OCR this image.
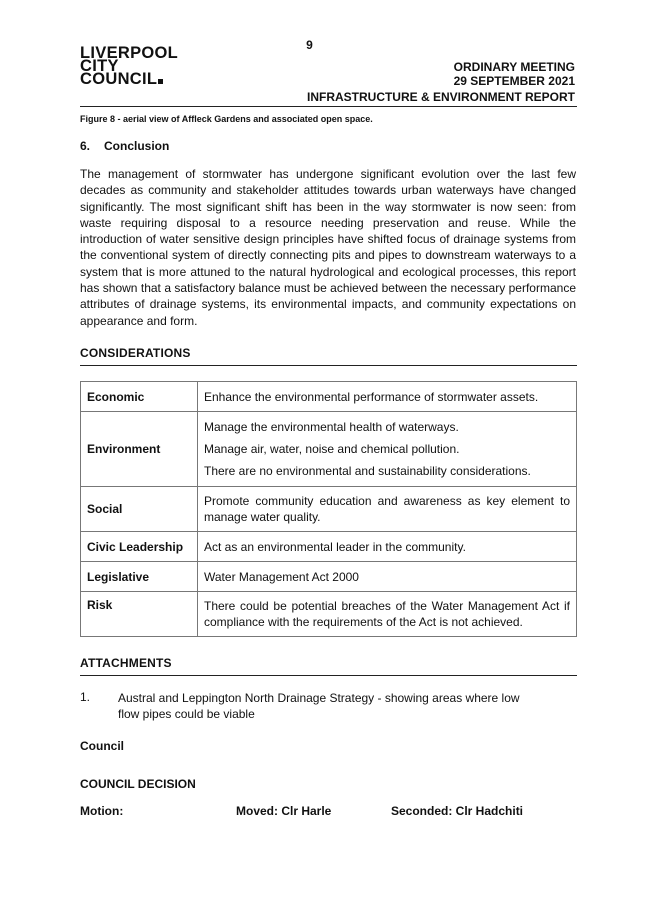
9
LIVERPOOL
CITY
COUNCIL
ORDINARY MEETING
29 SEPTEMBER 2021
INFRASTRUCTURE & ENVIRONMENT REPORT
Figure 8 - aerial view of Affleck Gardens and associated open space.
6. Conclusion

The management of stormwater has undergone significant evolution over the last few decades as community and stakeholder attitudes towards urban waterways have changed significantly. The most significant shift has been in the way stormwater is now seen: from waste requiring disposal to a resource needing preservation and reuse. While the introduction of water sensitive design principles have shifted focus of drainage systems from the conventional system of directly connecting pits and pipes to downstream waterways to a system that is more attuned to the natural hydrological and ecological processes, this report has shown that a satisfactory balance must be achieved between the necessary performance attributes of drainage systems, its environmental impacts, and community expectations on appearance and form.

CONSIDERATIONS
Economic	Enhance the environmental performance of stormwater assets.

Environment	Manage the environmental health of waterways.

Manage air, water, noise and chemical pollution.

There are no environmental and sustainability considerations.

Social	Promote community education and awareness as key element to manage water quality.

Civic Leadership	Act as an environmental leader in the community.

Legislative	Water Management Act 2000

Risk	There could be potential breaches of the Water Management Act if compliance with the requirements of the Act is not achieved.

ATTACHMENTS
1. Austral and Leppington North Drainage Strategy - showing areas where low flow pipes could be viable
Council
COUNCIL DECISION
Motion:	Moved: Clr Harle	Seconded: Clr Hadchiti
